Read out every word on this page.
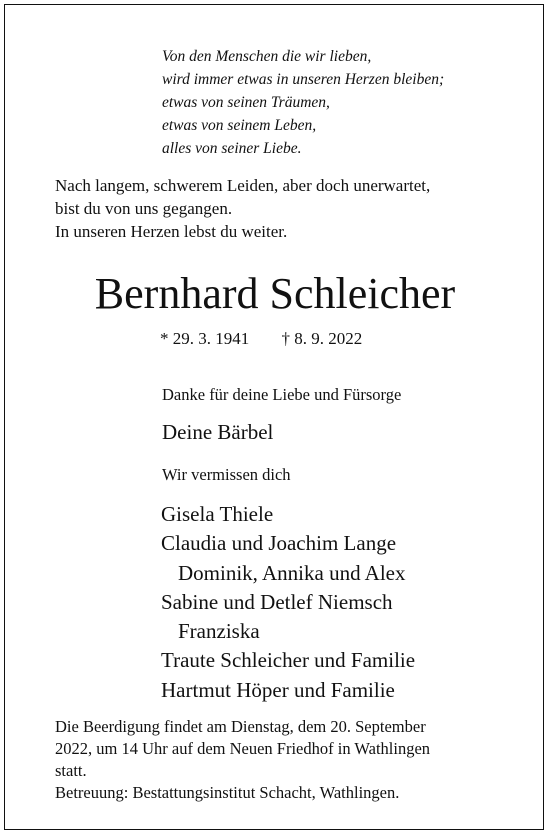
Von den Menschen die wir lieben,
wird immer etwas in unseren Herzen bleiben;
etwas von seinen Träumen,
etwas von seinem Leben,
alles von seiner Liebe.
Nach langem, schwerem Leiden, aber doch unerwartet,
bist du von uns gegangen.
In unseren Herzen lebst du weiter.
Bernhard Schleicher
* 29. 3. 1941 † 8. 9. 2022
Danke für deine Liebe und Fürsorge
Deine Bärbel
Wir vermissen dich
Gisela Thiele
Claudia und Joachim Lange
Dominik, Annika und Alex
Sabine und Detlef Niemsch
Franziska
Traute Schleicher und Familie
Hartmut Höper und Familie
Die Beerdigung findet am Dienstag, dem 20. September
2022, um 14 Uhr auf dem Neuen Friedhof in Wathlingen
statt.
Betreuung: Bestattungsinstitut Schacht, Wathlingen.
